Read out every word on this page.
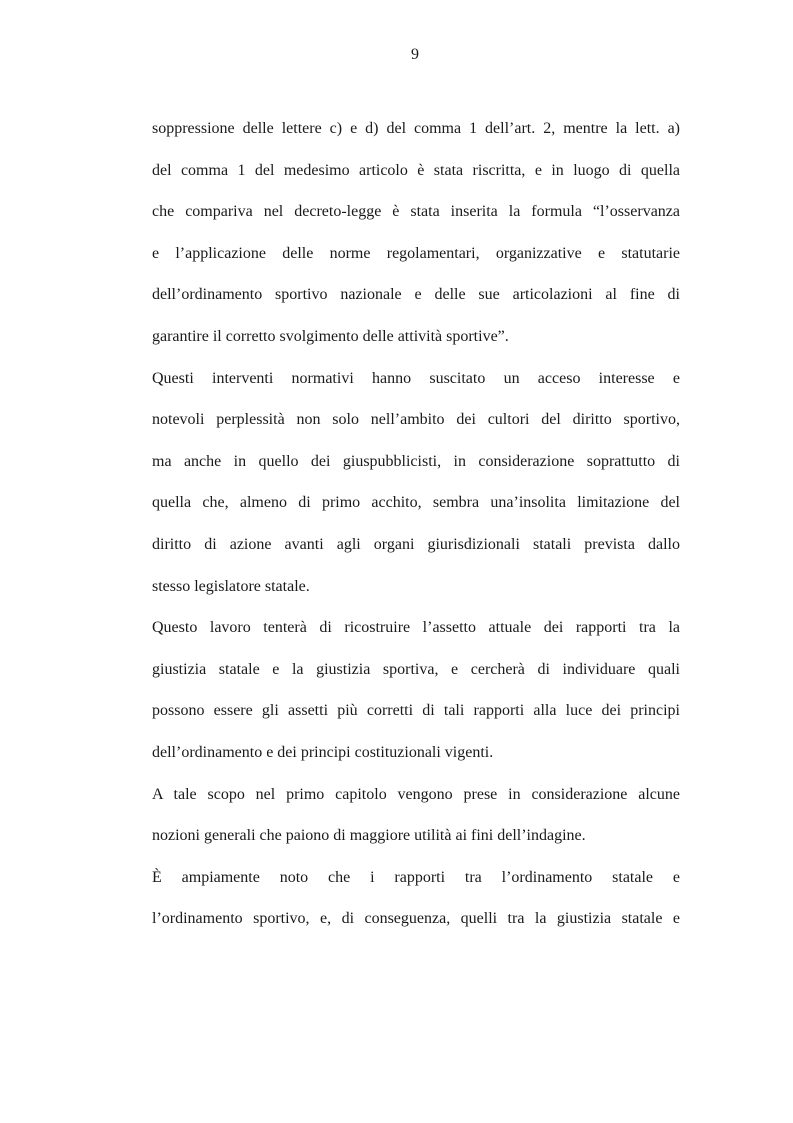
9
soppressione delle lettere c) e d) del comma 1 dell’art. 2, mentre la lett. a)
del comma 1 del medesimo articolo è stata riscritta, e in luogo di quella
che compariva nel decreto-legge è stata inserita la formula “l’osservanza
e l’applicazione delle norme regolamentari, organizzative e statutarie
dell’ordinamento sportivo nazionale e delle sue articolazioni al fine di
garantire il corretto svolgimento delle attività sportive”.
Questi interventi normativi hanno suscitato un acceso interesse e
notevoli perplessità non solo nell’ambito dei cultori del diritto sportivo,
ma anche in quello dei giuspubblicisti, in considerazione soprattutto di
quella che, almeno di primo acchito, sembra una’insolita limitazione del
diritto di azione avanti agli organi giurisdizionali statali prevista dallo
stesso legislatore statale.
Questo lavoro tenterà di ricostruire l’assetto attuale dei rapporti tra la
giustizia statale e la giustizia sportiva, e cercherà di individuare quali
possono essere gli assetti più corretti di tali rapporti alla luce dei principi
dell’ordinamento e dei principi costituzionali vigenti.
A tale scopo nel primo capitolo vengono prese in considerazione alcune
nozioni generali che paiono di maggiore utilità ai fini dell’indagine.
È ampiamente noto che i rapporti tra l’ordinamento statale e
l’ordinamento sportivo, e, di conseguenza, quelli tra la giustizia statale e
